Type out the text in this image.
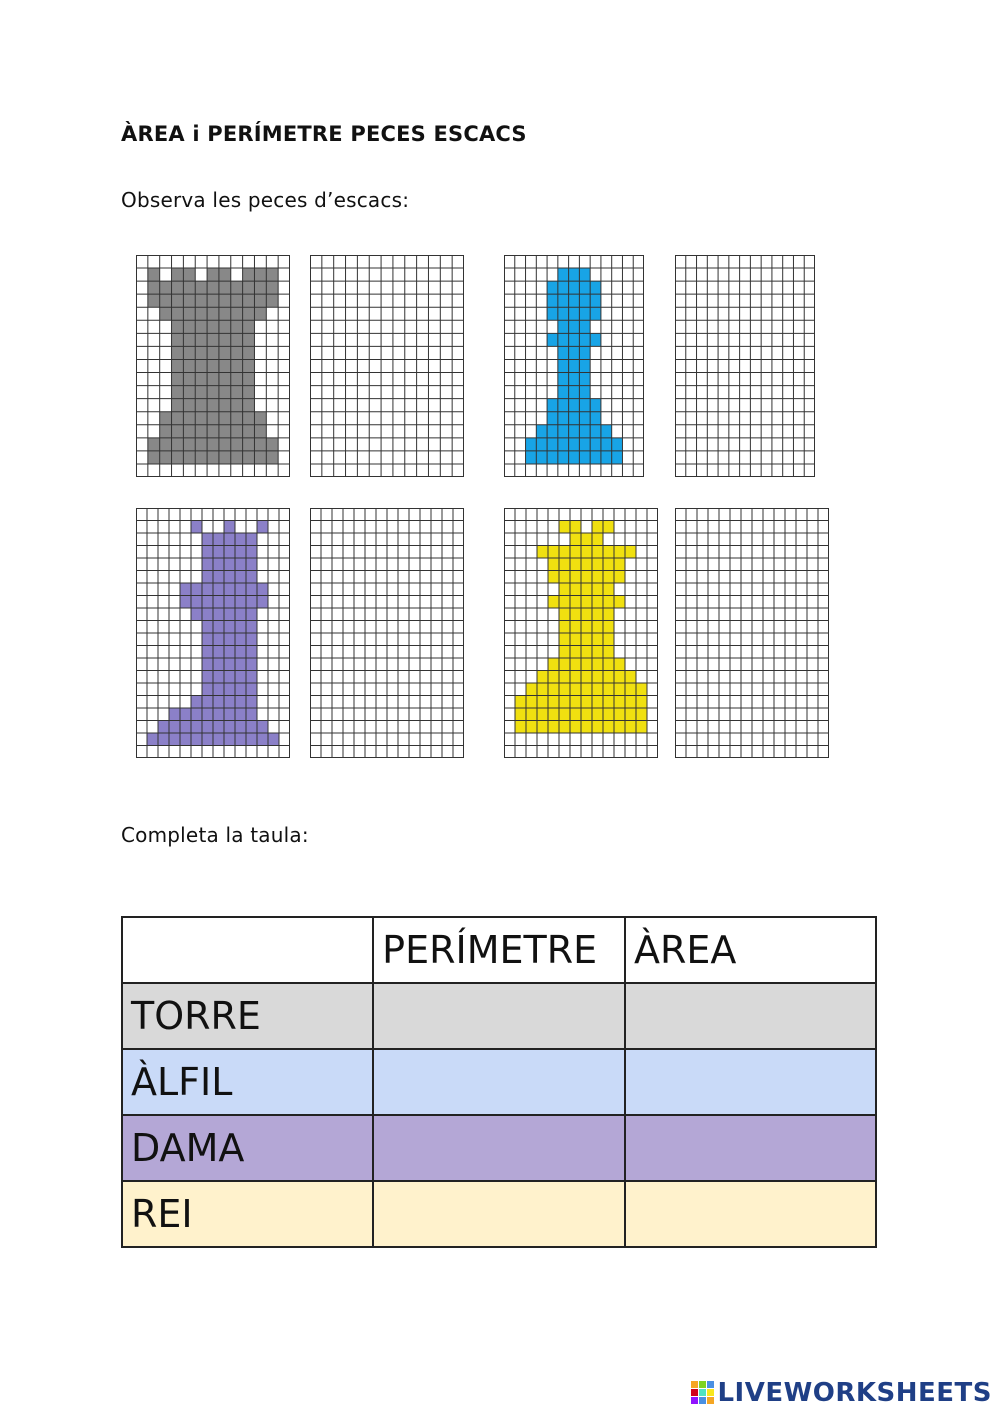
ÀREA i PERÍMETRE PECES ESCACS
Observa les peces d’escacs:
Completa la taula:
	PERÍMETRE	ÀREA
TORRE		
ÀLFIL		
DAMA		
REI		
LIVEWORKSHEETS
